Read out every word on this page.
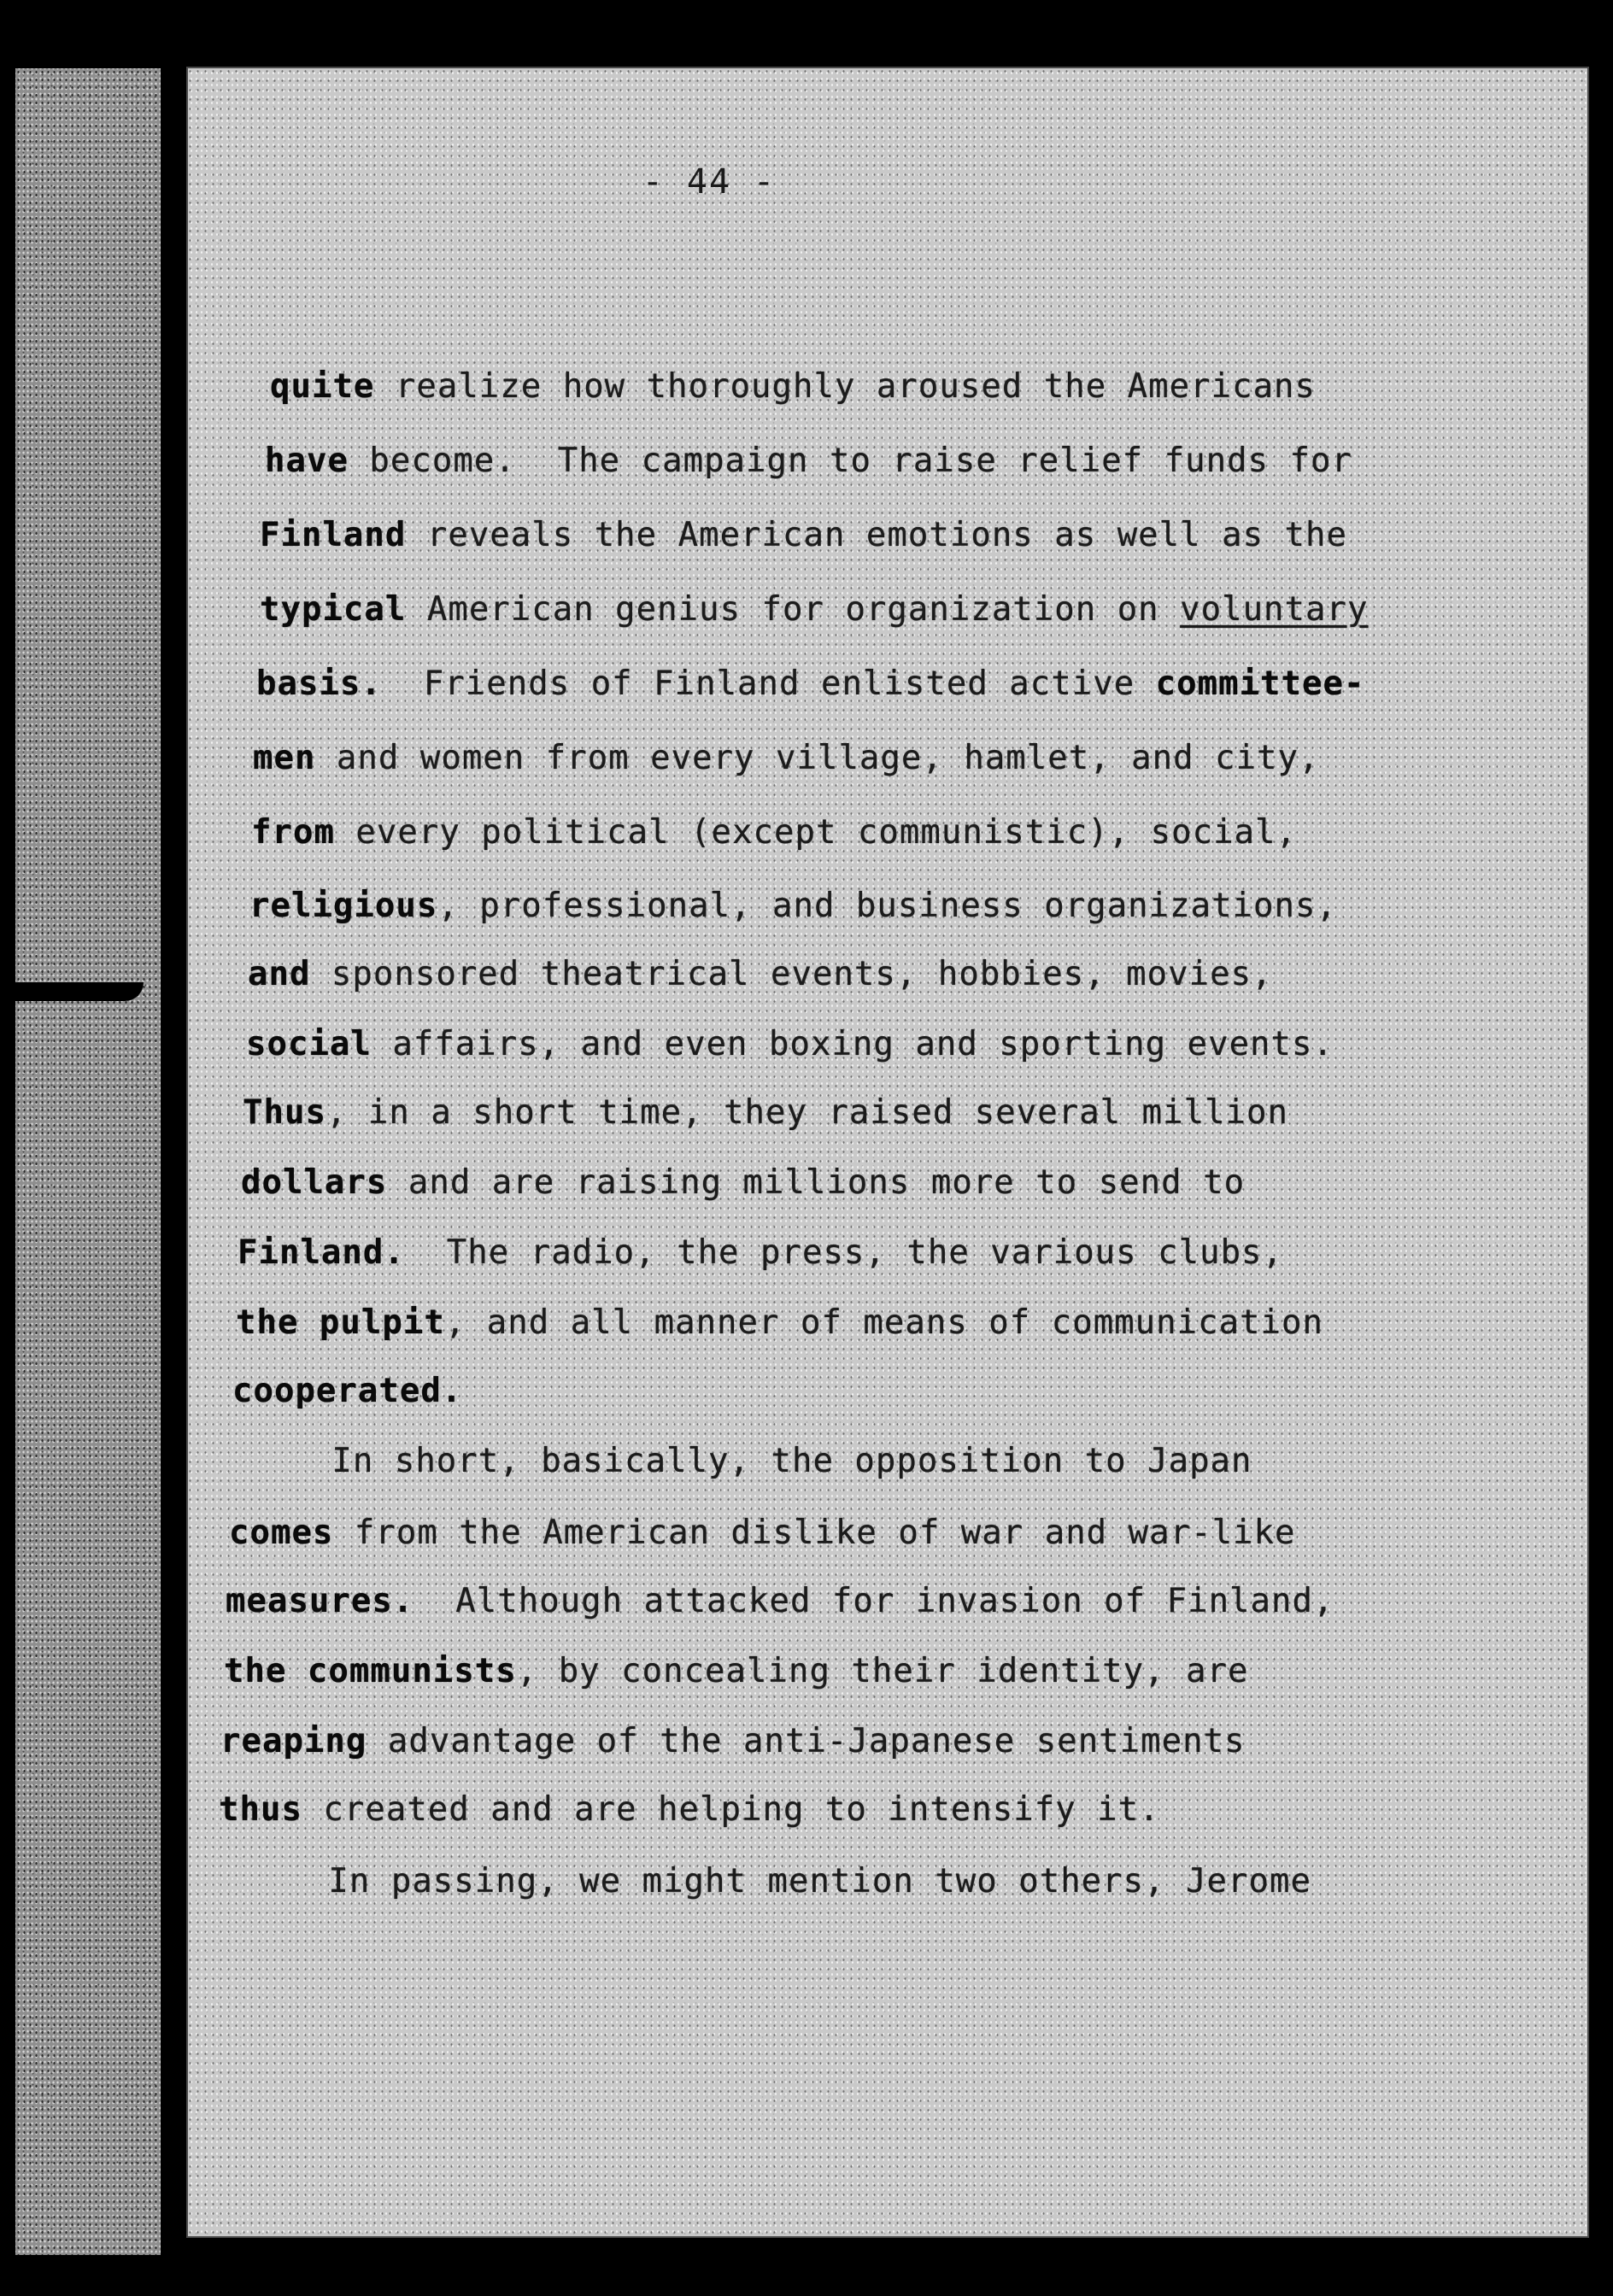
- 44 -
quite realize how thoroughly aroused the Americans
have become.  The campaign to raise relief funds for
Finland reveals the American emotions as well as the
typical American genius for organization on voluntary
basis.  Friends of Finland enlisted active committee-
men and women from every village, hamlet, and city,
from every political (except communistic), social,
religious, professional, and business organizations,
and sponsored theatrical events, hobbies, movies,
social affairs, and even boxing and sporting events.
Thus, in a short time, they raised several million
dollars and are raising millions more to send to
Finland.  The radio, the press, the various clubs,
the pulpit, and all manner of means of communication
cooperated.
In short, basically, the opposition to Japan
comes from the American dislike of war and war-like
measures.  Although attacked for invasion of Finland,
the communists, by concealing their identity, are
reaping advantage of the anti-Japanese sentiments
thus created and are helping to intensify it.
In passing, we might mention two others, Jerome
